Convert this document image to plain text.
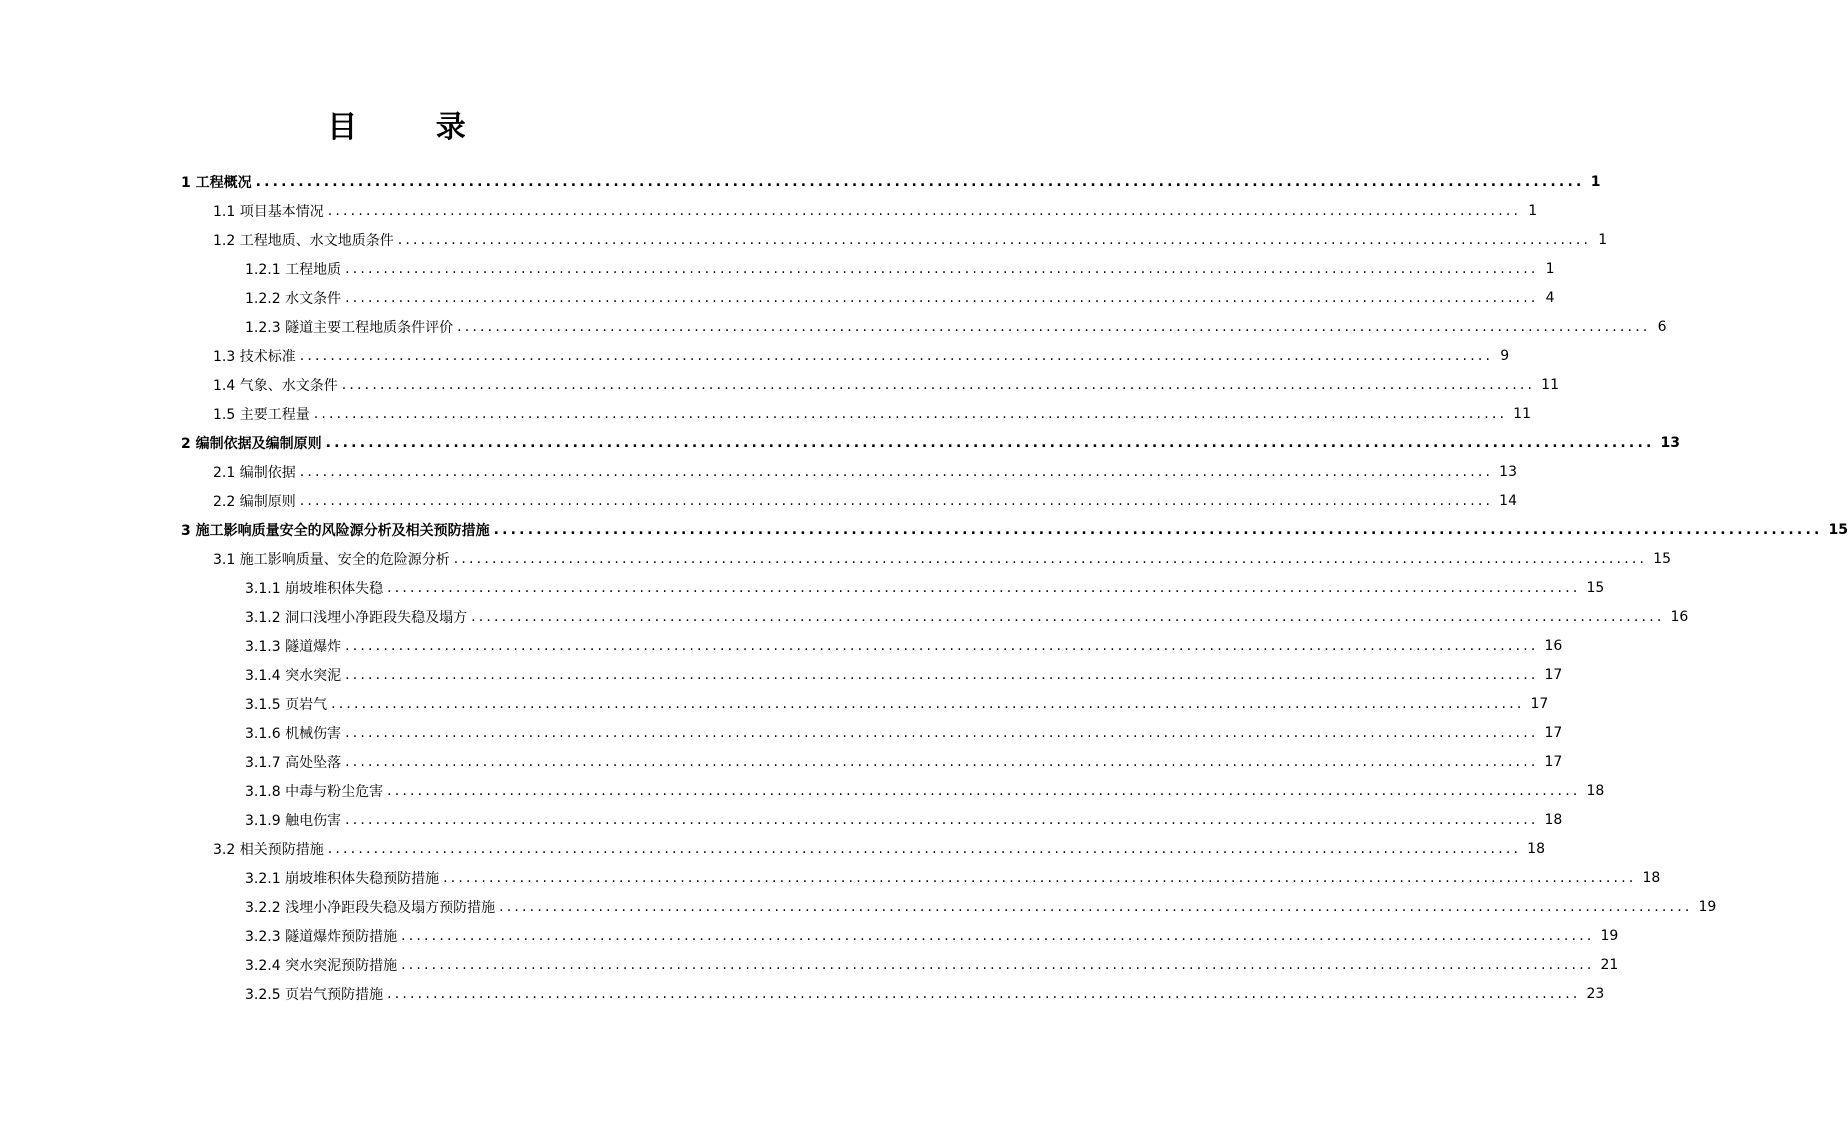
目 录
1 工程概况 ............................................................................................................................................................ 1
1.1 项目基本情况 ............................................................................................................................................................ 1
1.2 工程地质、水文地质条件 ............................................................................................................................................................ 1
1.2.1 工程地质 ............................................................................................................................................................ 1
1.2.2 水文条件 ............................................................................................................................................................ 4
1.2.3 隧道主要工程地质条件评价 ............................................................................................................................................................ 6
1.3 技术标准 ............................................................................................................................................................ 9
1.4 气象、水文条件 ............................................................................................................................................................ 11
1.5 主要工程量 ............................................................................................................................................................ 11
2 编制依据及编制原则 ............................................................................................................................................................ 13
2.1 编制依据 ............................................................................................................................................................ 13
2.2 编制原则 ............................................................................................................................................................ 14
3 施工影响质量安全的风险源分析及相关预防措施 ............................................................................................................................................................ 15
3.1 施工影响质量、安全的危险源分析 ............................................................................................................................................................ 15
3.1.1 崩坡堆积体失稳 ............................................................................................................................................................ 15
3.1.2 洞口浅埋小净距段失稳及塌方 ............................................................................................................................................................ 16
3.1.3 隧道爆炸 ............................................................................................................................................................ 16
3.1.4 突水突泥 ............................................................................................................................................................ 17
3.1.5 页岩气 ............................................................................................................................................................ 17
3.1.6 机械伤害 ............................................................................................................................................................ 17
3.1.7 高处坠落 ............................................................................................................................................................ 17
3.1.8 中毒与粉尘危害 ............................................................................................................................................................ 18
3.1.9 触电伤害 ............................................................................................................................................................ 18
3.2 相关预防措施 ............................................................................................................................................................ 18
3.2.1 崩坡堆积体失稳预防措施 ............................................................................................................................................................ 18
3.2.2 浅埋小净距段失稳及塌方预防措施 ............................................................................................................................................................ 19
3.2.3 隧道爆炸预防措施 ............................................................................................................................................................ 19
3.2.4 突水突泥预防措施 ............................................................................................................................................................ 21
3.2.5 页岩气预防措施 ............................................................................................................................................................ 23
